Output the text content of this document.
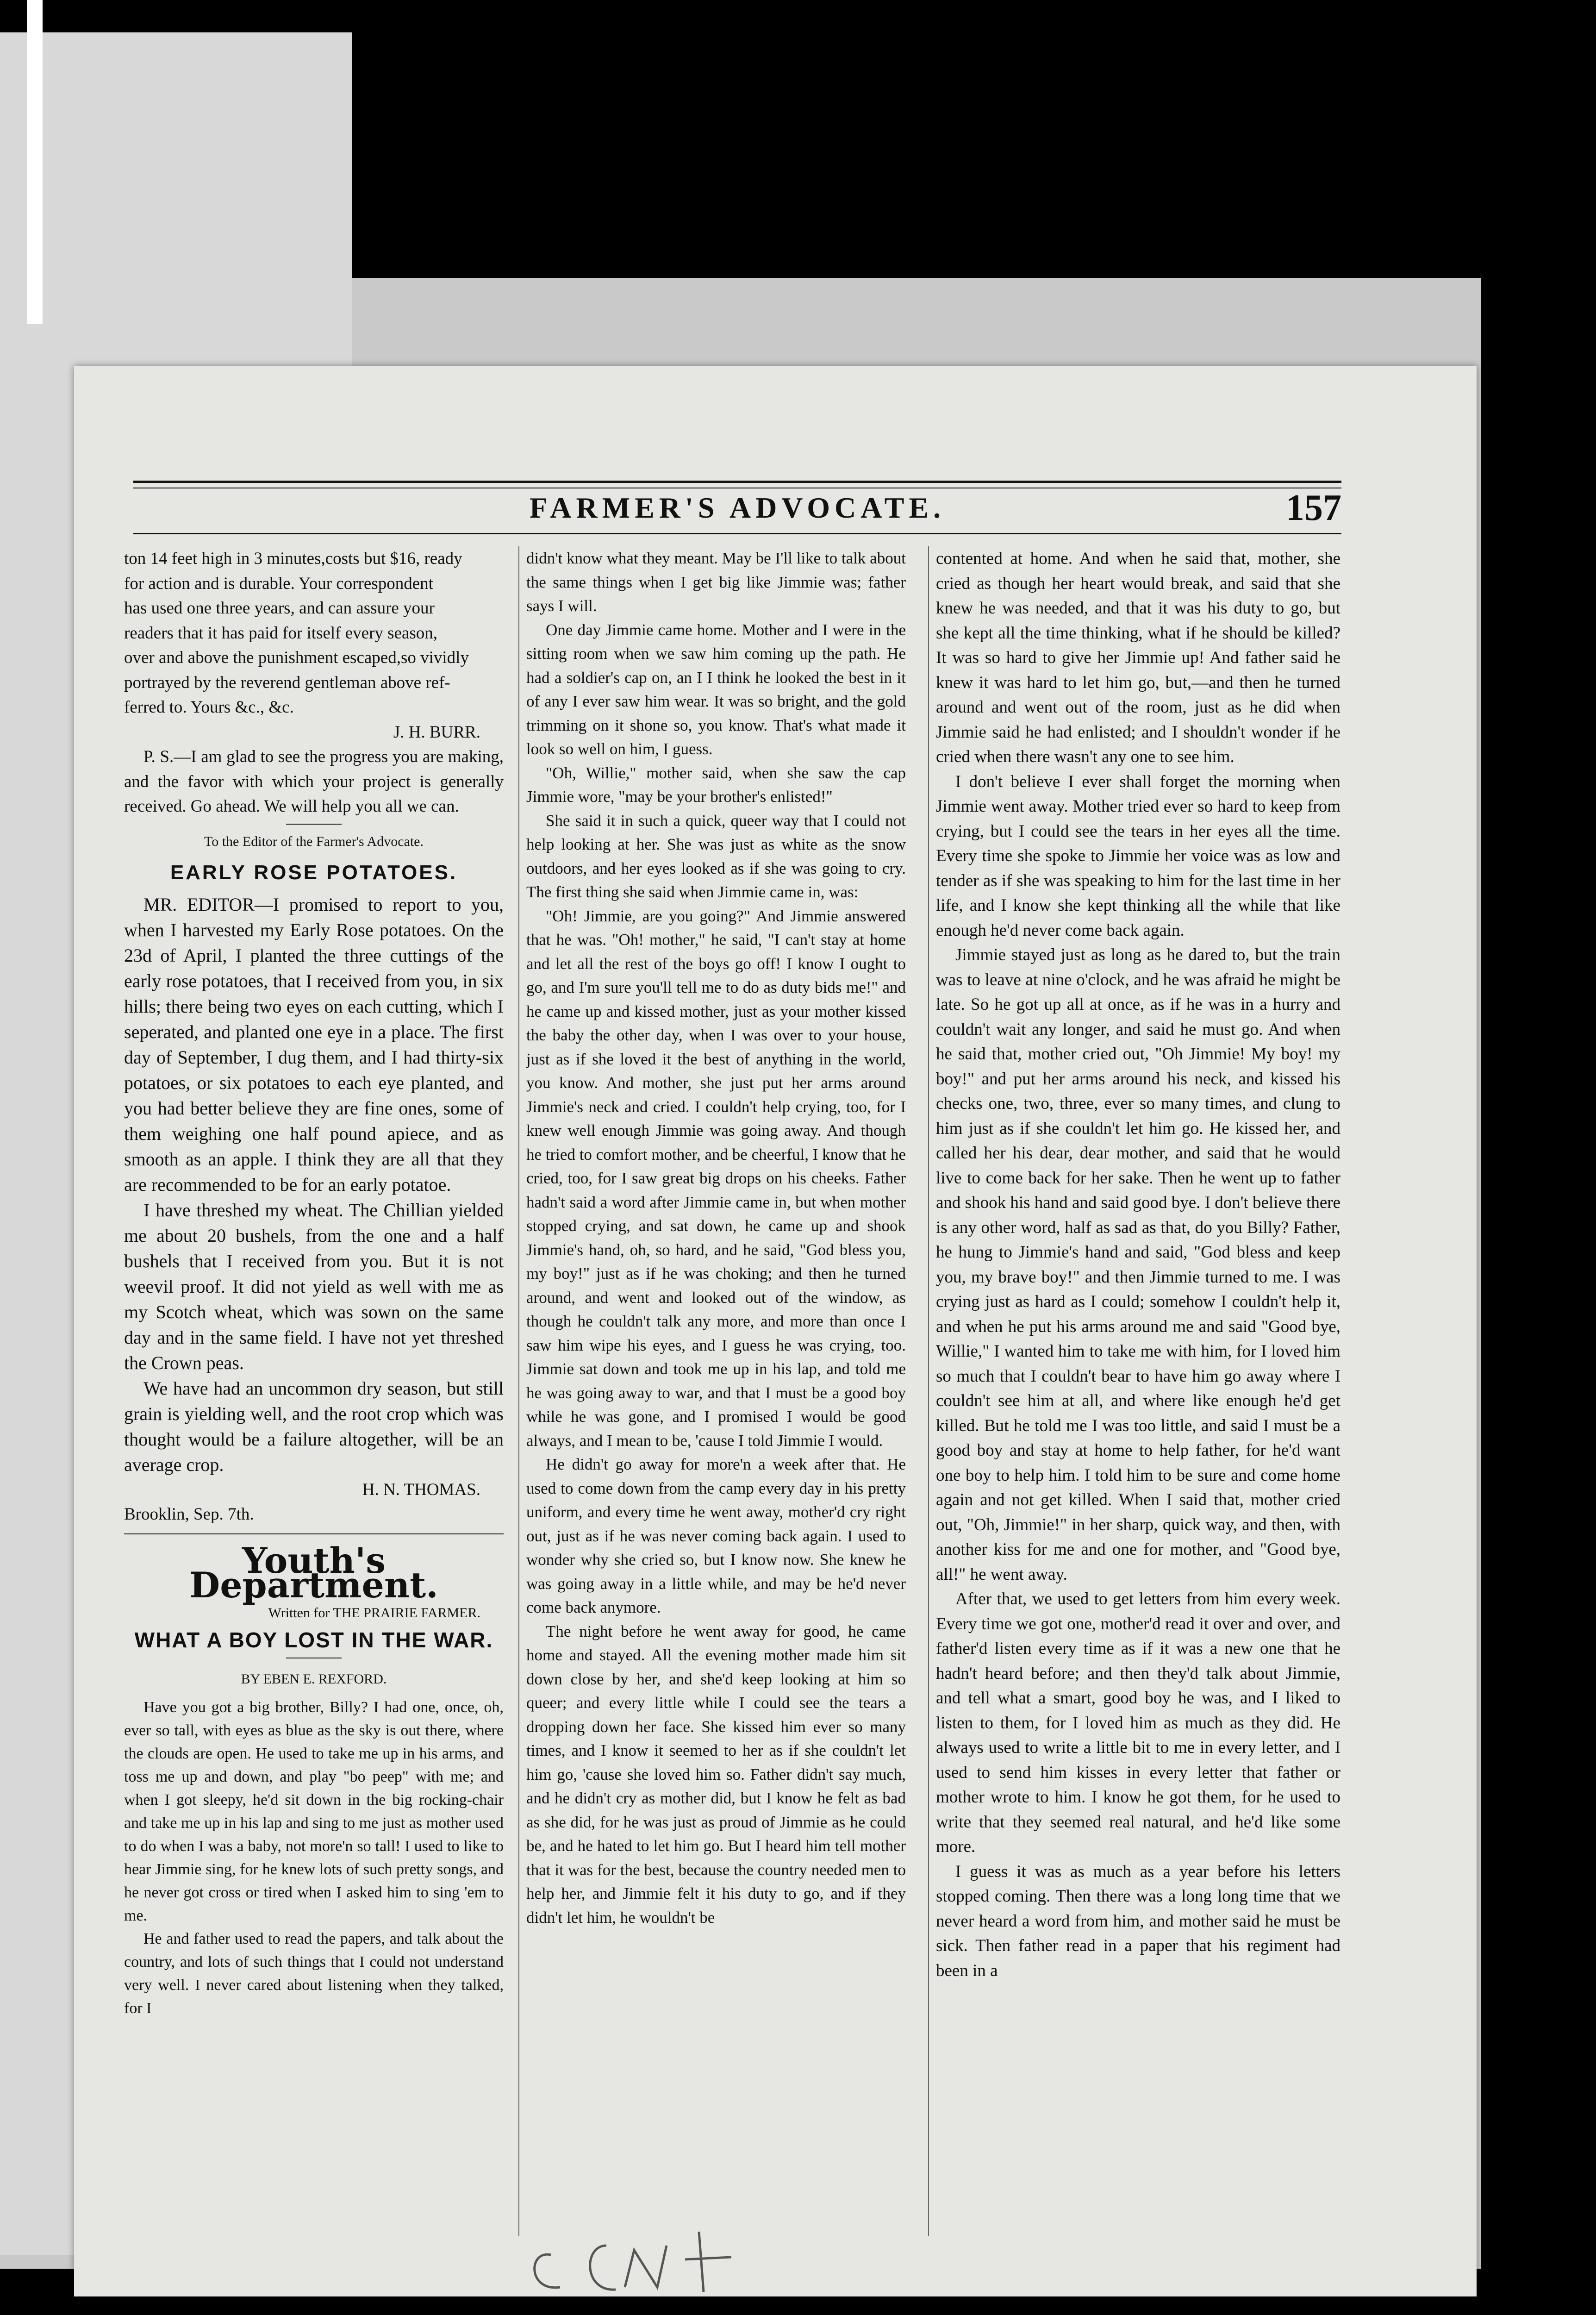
FARMER'S ADVOCATE.	157

ton 14 feet high in 3 minutes,costs but $16, ready

for action and is durable. Your correspondent

has used one three years, and can assure your

readers that it has paid for itself every season,

over and above the punishment escaped,so vividly

portrayed by the reverend gentleman above ref-

ferred to. Yours &c., &c.

J. H. BURR.

P. S.—I am glad to see the progress you are making, and the favor with which your project is generally received. Go ahead. We will help you all we can.

To the Editor of the Farmer's Advocate.

EARLY ROSE POTATOES.

MR. EDITOR—I promised to report to you, when I harvested my Early Rose potatoes. On the 23d of April, I planted the three cuttings of the early rose potatoes, that I received from you, in six hills; there being two eyes on each cutting, which I seperated, and planted one eye in a place. The first day of September, I dug them, and I had thirty-six potatoes, or six potatoes to each eye planted, and you had better believe they are fine ones, some of them weighing one half pound apiece, and as smooth as an apple. I think they are all that they are recommended to be for an early potatoe.

I have threshed my wheat. The Chillian yielded me about 20 bushels, from the one and a half bushels that I received from you. But it is not weevil proof. It did not yield as well with me as my Scotch wheat, which was sown on the same day and in the same field. I have not yet threshed the Crown peas.

We have had an uncommon dry season, but still grain is yielding well, and the root crop which was thought would be a failure altogether, will be an average crop.

H. N. THOMAS.

Brooklin, Sep. 7th.

Youth's Department.

Written for THE PRAIRIE FARMER.

WHAT A BOY LOST IN THE WAR.

BY EBEN E. REXFORD.

Have you got a big brother, Billy? I had one, once, oh, ever so tall, with eyes as blue as the sky is out there, where the clouds are open. He used to take me up in his arms, and toss me up and down, and play "bo peep" with me; and when I got sleepy, he'd sit down in the big rocking-chair and take me up in his lap and sing to me just as mother used to do when I was a baby, not more'n so tall! I used to like to hear Jimmie sing, for he knew lots of such pretty songs, and he never got cross or tired when I asked him to sing 'em to me.

He and father used to read the papers, and talk about the country, and lots of such things that I could not understand very well. I never cared about listening when they talked, for I

didn't know what they meant. May be I'll like to talk about the same things when I get big like Jimmie was; father says I will.

One day Jimmie came home. Mother and I were in the sitting room when we saw him coming up the path. He had a soldier's cap on, an I I think he looked the best in it of any I ever saw him wear. It was so bright, and the gold trimming on it shone so, you know. That's what made it look so well on him, I guess.

"Oh, Willie," mother said, when she saw the cap Jimmie wore, "may be your brother's enlisted!"

She said it in such a quick, queer way that I could not help looking at her. She was just as white as the snow outdoors, and her eyes looked as if she was going to cry. The first thing she said when Jimmie came in, was:

"Oh! Jimmie, are you going?" And Jimmie answered that he was. "Oh! mother," he said, "I can't stay at home and let all the rest of the boys go off! I know I ought to go, and I'm sure you'll tell me to do as duty bids me!" and he came up and kissed mother, just as your mother kissed the baby the other day, when I was over to your house, just as if she loved it the best of anything in the world, you know. And mother, she just put her arms around Jimmie's neck and cried. I couldn't help crying, too, for I knew well enough Jimmie was going away. And though he tried to comfort mother, and be cheerful, I know that he cried, too, for I saw great big drops on his cheeks. Father hadn't said a word after Jimmie came in, but when mother stopped crying, and sat down, he came up and shook Jimmie's hand, oh, so hard, and he said, "God bless you, my boy!" just as if he was choking; and then he turned around, and went and looked out of the window, as though he couldn't talk any more, and more than once I saw him wipe his eyes, and I guess he was crying, too. Jimmie sat down and took me up in his lap, and told me he was going away to war, and that I must be a good boy while he was gone, and I promised I would be good always, and I mean to be, 'cause I told Jimmie I would.

He didn't go away for more'n a week after that. He used to come down from the camp every day in his pretty uniform, and every time he went away, mother'd cry right out, just as if he was never coming back again. I used to wonder why she cried so, but I know now. She knew he was going away in a little while, and may be he'd never come back anymore.

The night before he went away for good, he came home and stayed. All the evening mother made him sit down close by her, and she'd keep looking at him so queer; and every little while I could see the tears a dropping down her face. She kissed him ever so many times, and I know it seemed to her as if she couldn't let him go, 'cause she loved him so. Father didn't say much, and he didn't cry as mother did, but I know he felt as bad as she did, for he was just as proud of Jimmie as he could be, and he hated to let him go. But I heard him tell mother that it was for the best, because the country needed men to help her, and Jimmie felt it his duty to go, and if they didn't let him, he wouldn't be

contented at home. And when he said that, mother, she cried as though her heart would break, and said that she knew he was needed, and that it was his duty to go, but she kept all the time thinking, what if he should be killed? It was so hard to give her Jimmie up! And father said he knew it was hard to let him go, but,—and then he turned around and went out of the room, just as he did when Jimmie said he had enlisted; and I shouldn't wonder if he cried when there wasn't any one to see him.

I don't believe I ever shall forget the morning when Jimmie went away. Mother tried ever so hard to keep from crying, but I could see the tears in her eyes all the time. Every time she spoke to Jimmie her voice was as low and tender as if she was speaking to him for the last time in her life, and I know she kept thinking all the while that like enough he'd never come back again.

Jimmie stayed just as long as he dared to, but the train was to leave at nine o'clock, and he was afraid he might be late. So he got up all at once, as if he was in a hurry and couldn't wait any longer, and said he must go. And when he said that, mother cried out, "Oh Jimmie! My boy! my boy!" and put her arms around his neck, and kissed his checks one, two, three, ever so many times, and clung to him just as if she couldn't let him go. He kissed her, and called her his dear, dear mother, and said that he would live to come back for her sake. Then he went up to father and shook his hand and said good bye. I don't believe there is any other word, half as sad as that, do you Billy? Father, he hung to Jimmie's hand and said, "God bless and keep you, my brave boy!" and then Jimmie turned to me. I was crying just as hard as I could; somehow I couldn't help it, and when he put his arms around me and said "Good bye, Willie," I wanted him to take me with him, for I loved him so much that I couldn't bear to have him go away where I couldn't see him at all, and where like enough he'd get killed. But he told me I was too little, and said I must be a good boy and stay at home to help father, for he'd want one boy to help him. I told him to be sure and come home again and not get killed. When I said that, mother cried out, "Oh, Jimmie!" in her sharp, quick way, and then, with another kiss for me and one for mother, and "Good bye, all!" he went away.

After that, we used to get letters from him every week. Every time we got one, mother'd read it over and over, and father'd listen every time as if it was a new one that he hadn't heard before; and then they'd talk about Jimmie, and tell what a smart, good boy he was, and I liked to listen to them, for I loved him as much as they did. He always used to write a little bit to me in every letter, and I used to send him kisses in every letter that father or mother wrote to him. I know he got them, for he used to write that they seemed real natural, and he'd like some more.

I guess it was as much as a year before his letters stopped coming. Then there was a long long time that we never heard a word from him, and mother said he must be sick. Then father read in a paper that his regiment had been in a
